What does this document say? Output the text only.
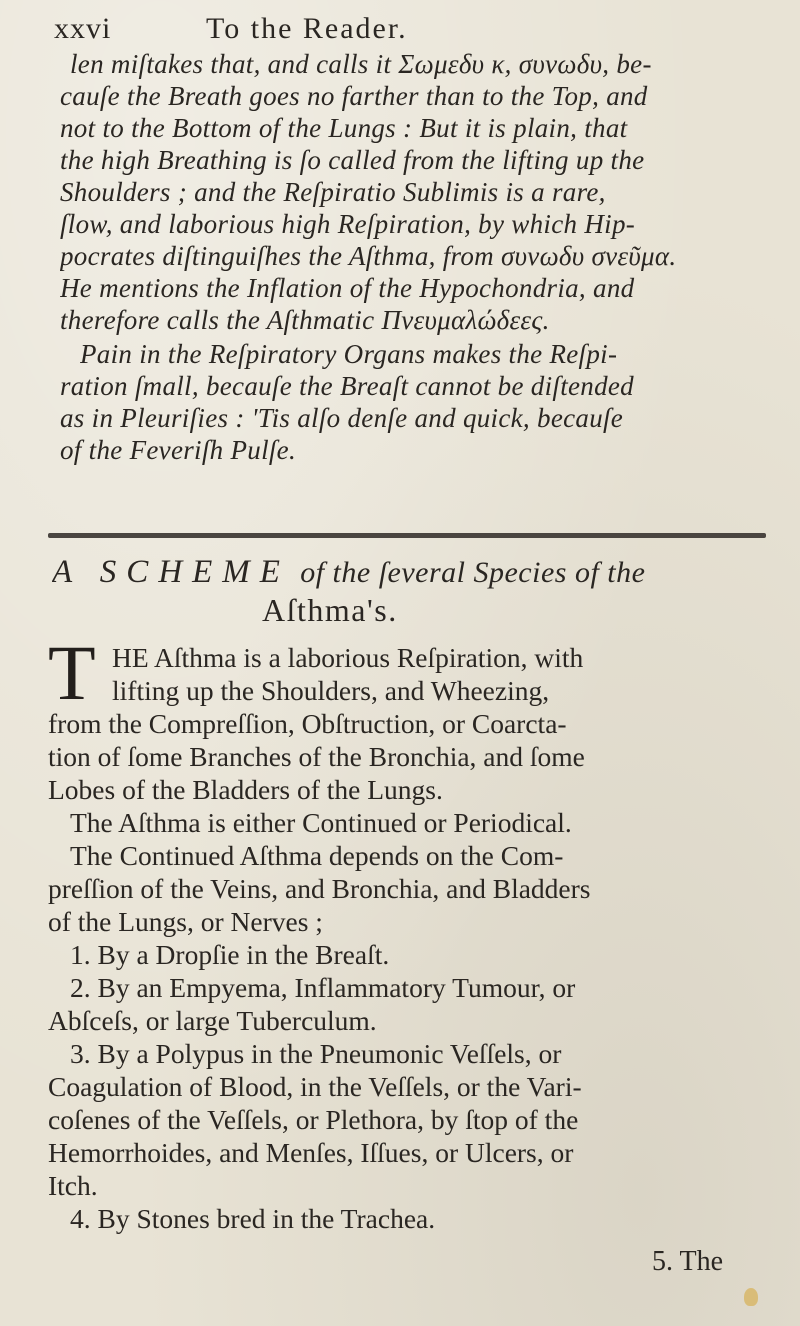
xxvi	To the Reader.
len miſtakes that, and calls it Σωμεδυ κ, συνωδυ, be-
cauſe the Breath goes no farther than to the Top, and
not to the Bottom of the Lungs : But it is plain, that
the high Breathing is ſo called from the lifting up the
Shoulders ; and the Reſpiratio Sublimis is a rare,
ſlow, and laborious high Reſpiration, by which Hip-
pocrates diſtinguiſhes the Aſthma, from συνωδυ σνεῦμα.
He mentions the Inflation of the Hypochondria, and
therefore calls the Aſthmatic Πνευμαλώδεες.
Pain in the Reſpiratory Organs makes the Reſpi-
ration ſmall, becauſe the Breaſt cannot be diſtended
as in Pleuriſies : 'Tis alſo denſe and quick, becauſe
of the Feveriſh Pulſe.
A SCHEME of the ſeveral Species of the
Aſthma's.
T HE Aſthma is a laborious Reſpiration, with
lifting up the Shoulders, and Wheezing,
from the Compreſſion, Obſtruction, or Coarcta-
tion of ſome Branches of the Bronchia, and ſome
Lobes of the Bladders of the Lungs.
The Aſthma is either Continued or Periodical.
The Continued Aſthma depends on the Com-
preſſion of the Veins, and Bronchia, and Bladders
of the Lungs, or Nerves ;
1. By a Dropſie in the Breaſt.
2. By an Empyema, Inflammatory Tumour, or
Abſceſs, or large Tuberculum.
3. By a Polypus in the Pneumonic Veſſels, or
Coagulation of Blood, in the Veſſels, or the Vari-
coſenes of the Veſſels, or Plethora, by ſtop of the
Hemorrhoides, and Menſes, Iſſues, or Ulcers, or
Itch.
4. By Stones bred in the Trachea.
5. The
